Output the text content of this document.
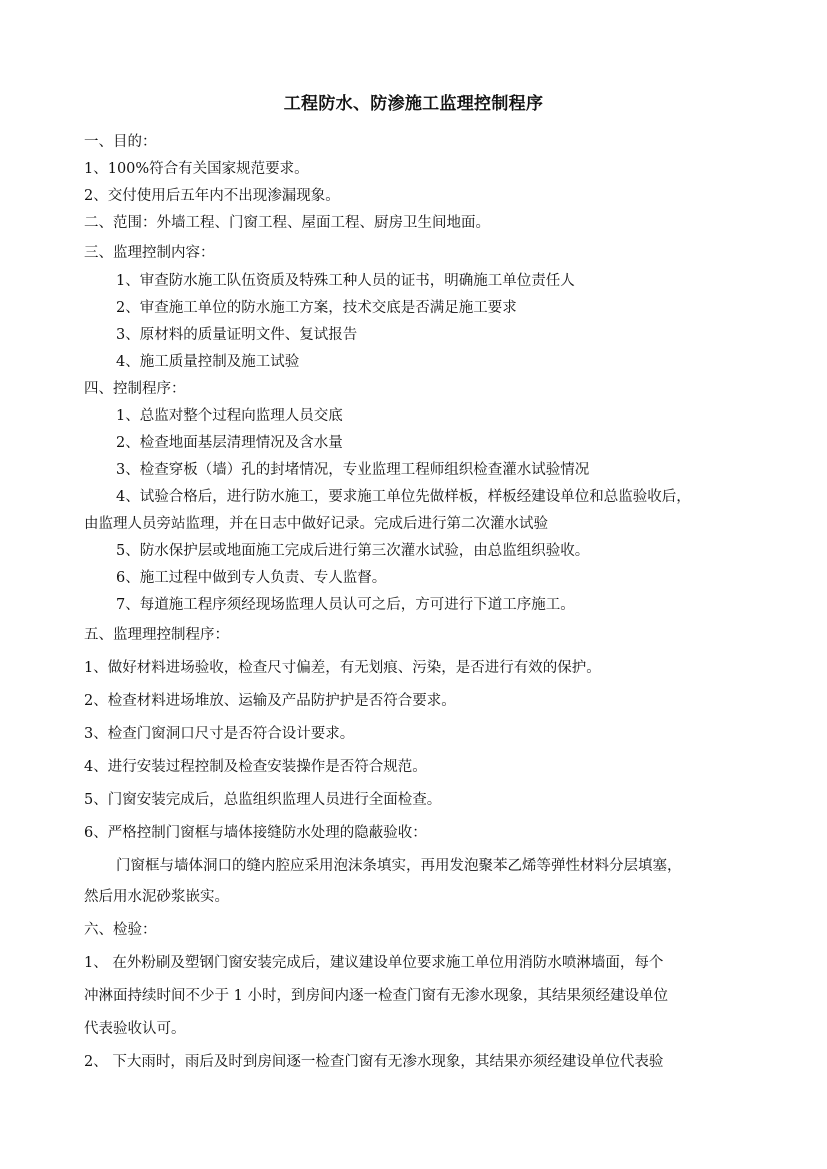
工程防水、防渗施工监理控制程序
一、目的：
1、100%符合有关国家规范要求。
2、交付使用后五年内不出现渗漏现象。
二、范围：外墙工程、门窗工程、屋面工程、厨房卫生间地面。
三、监理控制内容：
1、审查防水施工队伍资质及特殊工种人员的证书，明确施工单位责任人
2、审查施工单位的防水施工方案，技术交底是否满足施工要求
3、原材料的质量证明文件、复试报告
4、施工质量控制及施工试验
四、控制程序：
1、总监对整个过程向监理人员交底
2、检查地面基层清理情况及含水量
3、检查穿板（墙）孔的封堵情况，专业监理工程师组织检查灌水试验情况
4、试验合格后，进行防水施工，要求施工单位先做样板，样板经建设单位和总监验收后，
由监理人员旁站监理，并在日志中做好记录。完成后进行第二次灌水试验
5、防水保护层或地面施工完成后进行第三次灌水试验，由总监组织验收。
6、施工过程中做到专人负责、专人监督。
7、每道施工程序须经现场监理人员认可之后，方可进行下道工序施工。
五、监理理控制程序：
1、做好材料进场验收，检查尺寸偏差，有无划痕、污染，是否进行有效的保护。
2、检查材料进场堆放、运输及产品防护护是否符合要求。
3、检查门窗洞口尺寸是否符合设计要求。
4、进行安装过程控制及检查安装操作是否符合规范。
5、门窗安装完成后，总监组织监理人员进行全面检查。
6、严格控制门窗框与墙体接缝防水处理的隐蔽验收：
门窗框与墙体洞口的缝内腔应采用泡沫条填实，再用发泡聚苯乙烯等弹性材料分层填塞，
然后用水泥砂浆嵌实。
六、检验：
1、 在外粉刷及塑钢门窗安装完成后，建议建设单位要求施工单位用消防水喷淋墙面，每个
冲淋面持续时间不少于 1 小时，到房间内逐一检查门窗有无渗水现象，其结果须经建设单位
代表验收认可。
2、 下大雨时，雨后及时到房间逐一检查门窗有无渗水现象，其结果亦须经建设单位代表验
